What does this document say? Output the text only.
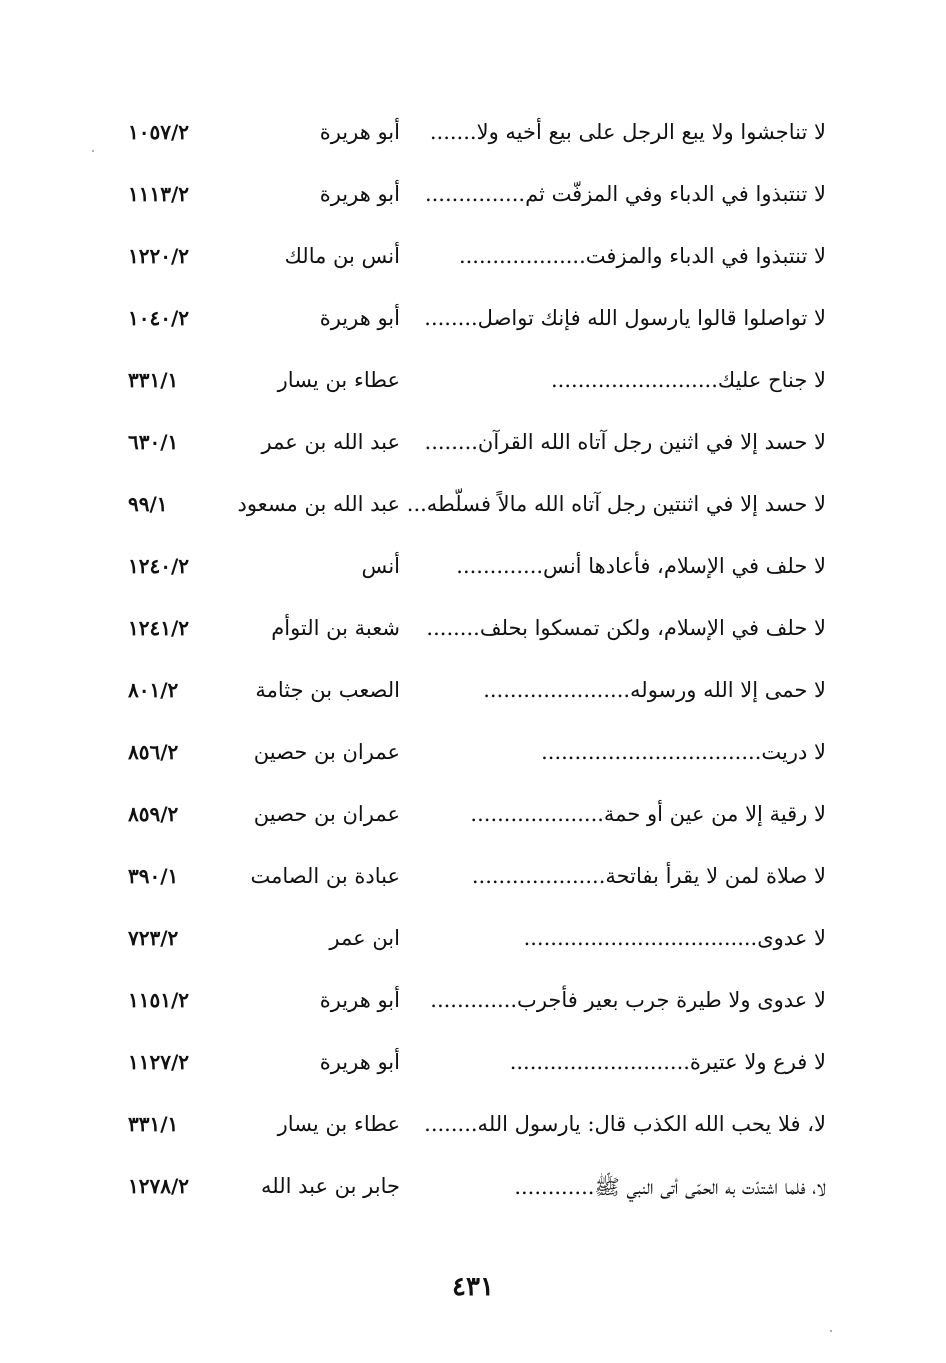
لا تناجشوا ولا يبع الرجل على بيع أخيه ولا.......
أبو هريرة
١٠٥٧/٢
لا تنتبذوا في الدباء وفي المزفّت ثم...............
أبو هريرة
١١١٣/٢
لا تنتبذوا في الدباء والمزفت...................
أنس بن مالك
١٢٢٠/٢
لا تواصلوا قالوا يارسول الله فإنك تواصل........
أبو هريرة
١٠٤٠/٢
لا جناح عليك.........................
عطاء بن يسار
٣٣١/١
لا حسد إلا في اثنين رجل آتاه الله القرآن........
عبد الله بن عمر
٦٣٠/١
لا حسد إلا في اثنتين رجل آتاه الله مالاً فسلّطه...
عبد الله بن مسعود
٩٩/١
لا حلف في الإسلام، فأعادها أنس.............
أنس
١٢٤٠/٢
لا حلف في الإسلام، ولكن تمسكوا بحلف........
شعبة بن التوأم
١٢٤١/٢
لا حمى إلا الله ورسوله......................
الصعب بن جثامة
٨٠١/٢
لا دريت.................................
عمران بن حصين
٨٥٦/٢
لا رقية إلا من عين أو حمة....................
عمران بن حصين
٨٥٩/٢
لا صلاة لمن لا يقرأ بفاتحة....................
عبادة بن الصامت
٣٩٠/١
لا عدوى...................................
ابن عمر
٧٢٣/٢
لا عدوى ولا طيرة جرب بعير فأجرب.............
أبو هريرة
١١٥١/٢
لا فرع ولا عتيرة...........................
أبو هريرة
١١٢٧/٢
لا، فلا يحب الله الكذب قال: يارسول الله........
عطاء بن يسار
٣٣١/١
لا، فلما اشتدّت به الحمّى أتى النبي ﷺ............
جابر بن عبد الله
١٢٧٨/٢
٤٣١
